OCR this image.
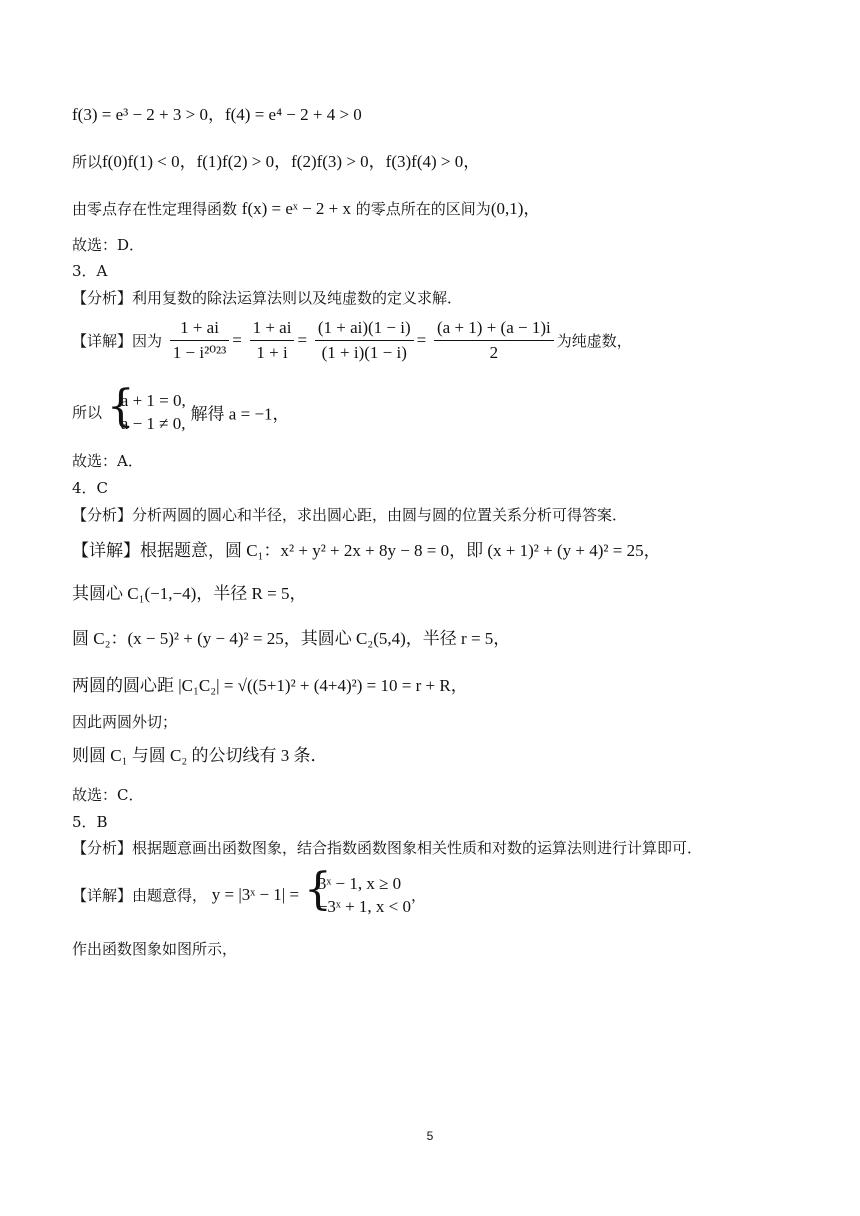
f(3) = e³ − 2 + 3 > 0，f(4) = e⁴ − 2 + 4 > 0
所以f(0)f(1) < 0，f(1)f(2) > 0，f(2)f(3) > 0，f(3)f(4) > 0，
由零点存在性定理得函数 f(x) = eˣ − 2 + x 的零点所在的区间为(0,1)，
故选：D．
3．A
【分析】利用复数的除法运算法则以及纯虚数的定义求解．
【详解】因为 $\frac{1 + ai}{\text{1 − i²⁰²³}} = \frac{1 + ai}{1 + i} = \frac{(1 + ai)(1 - i)}{(1 + i)(1 - i)} = \frac{(a + 1) + (a - 1)i}{2}$ 为纯虚数，
所以 {
a + 1 = 0,
a − 1 ≠ 0, 解得 a = −1，
故选：A．
4．C
【分析】分析两圆的圆心和半径，求出圆心距，由圆与圆的位置关系分析可得答案．
【详解】根据题意，圆 C₁：x² + y² + 2x + 8y − 8 = 0，即 (x + 1)² + (y + 4)² = 25，
其圆心 C₁(−1,−4)，半径 R = 5，
圆 C₂：(x − 5)² + (y − 4)² = 25，其圆心 C₂(5,4)，半径 r = 5，
两圆的圆心距 |C₁C₂| = √((5+1)² + (4+4)²) = 10 = r + R，
因此两圆外切；
则圆 C₁ 与圆 C₂ 的公切线有 3 条．
故选：C．
5．B
【分析】根据题意画出函数图象，结合指数函数图象相关性质和对数的运算法则进行计算即可．
【详解】由题意得， y = |3ˣ − 1| = {
3ˣ − 1, x ≥ 0
−3ˣ + 1, x < 0
，
作出函数图象如图所示，
5
